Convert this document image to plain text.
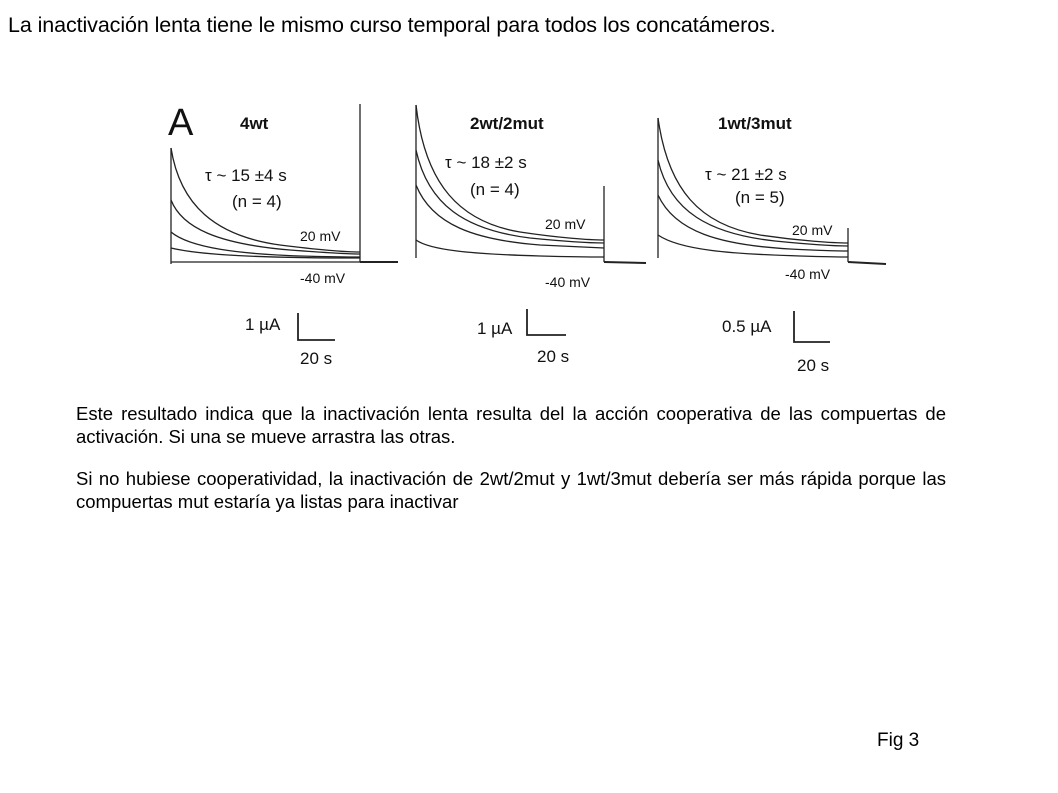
La inactivación lenta tiene le mismo curso temporal para todos los concatámeros.
A	4wt
τ ~ 15 ±4 s
(n = 4)
20 mV
-40 mV
1 µA
20 s
2wt/2mut
τ ~ 18 ±2 s
(n = 4)
20 mV
-40 mV
1 µA
20 s
1wt/3mut
τ ~ 21 ±2 s
(n = 5)
20 mV
-40 mV
0.5 µA
20 s

Este resultado indica que la inactivación lenta resulta del la acción cooperativa de las compuertas de activación. Si una se mueve arrastra las otras.

Si no hubiese cooperatividad, la inactivación de 2wt/2mut y 1wt/3mut debería ser más rápida porque las compuertas mut estaría ya listas para inactivar

Fig 3
